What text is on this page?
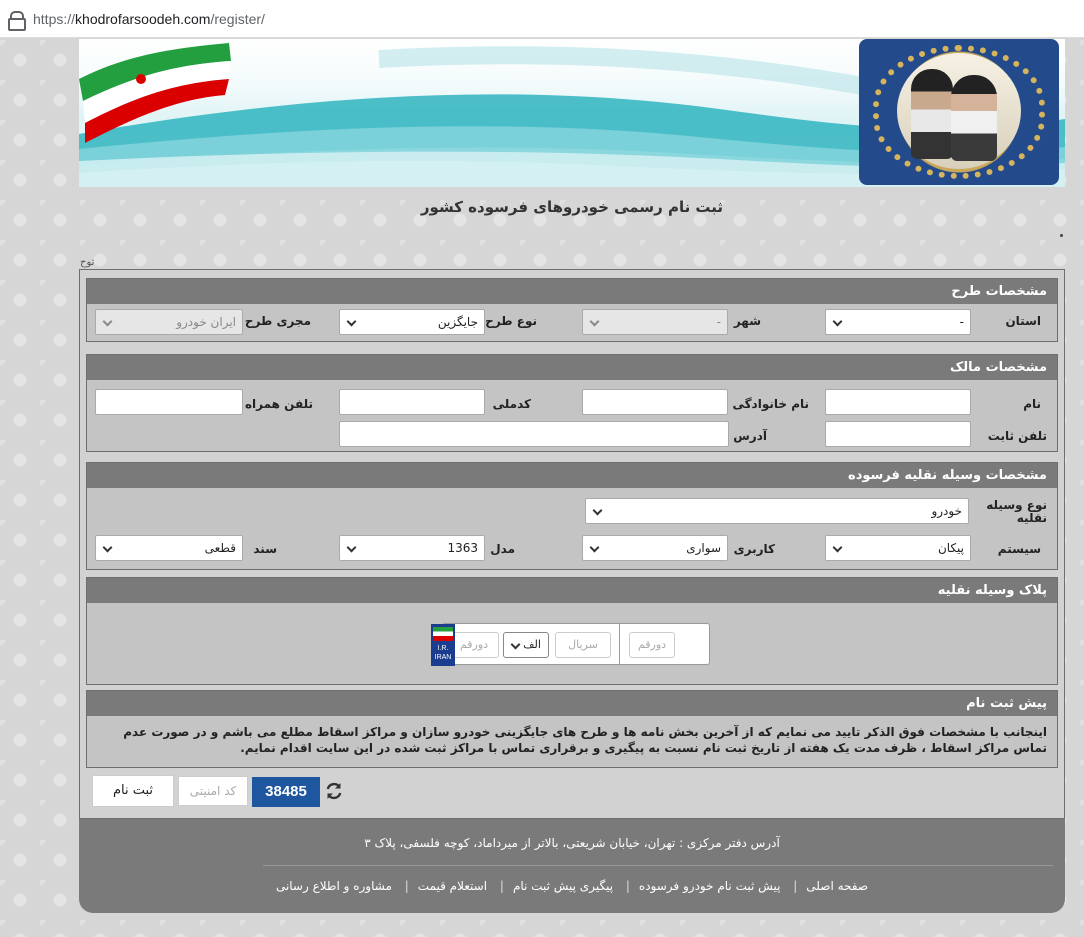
https://khodrofarsoodeh.com/register/
ثبت نام رسمی خودروهای فرسوده کشور
توح
مشخصات طرح
استان
-
شهر
-
نوع طرح
جایگزین
مجری طرح
ایران خودرو
مشخصات مالک
نام
نام خانوادگی
کدملی
تلفن همراه
تلفن ثابت
آدرس
مشخصات وسیله نقلیه فرسوده
نوع وسیله نقلیه
خودرو
سیستم
پیکان
کاربری
سواری
مدل
1363
سند
قطعی
پلاک وسیله نقلیه
دورقم	الف	سریال	دورقم
I.R.
IRAN
پیش ثبت نام
اینجانب با مشخصات فوق الذکر تایید می نمایم که از آخرین بخش نامه ها و طرح های جایگزینی خودرو سازان و مراکز اسقاط مطلع می باشم و در صورت عدم تماس مراکز اسقاط ، ظرف مدت یک هفته از تاریخ ثبت نام نسبت به پیگیری و برقراری تماس با مراکز ثبت شده در این سایت اقدام نمایم.
ثبت نام	کد امنیتی	38485
آدرس دفتر مرکزی : تهران، خیابان شریعتی، بالاتر از میرداماد، کوچه فلسفی، پلاک ۳
صفحه اصلی| پیش ثبت نام خودرو فرسوده| پیگیری پیش ثبت نام| استعلام قیمت| مشاوره و اطلاع رسانی
